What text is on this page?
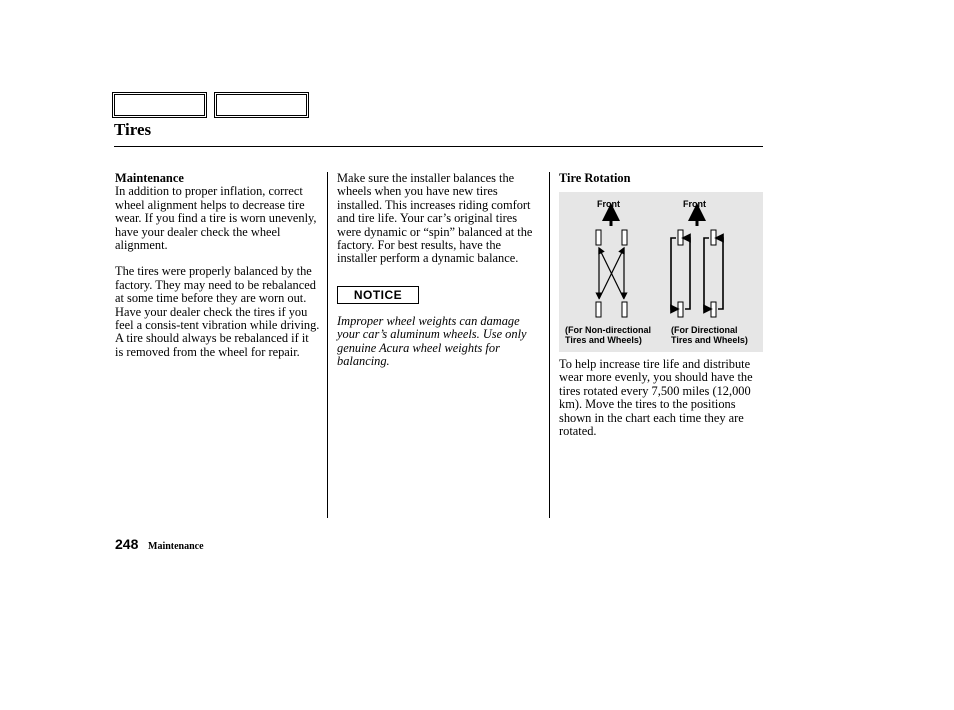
Tires

Maintenance

In addition to proper inflation, correct wheel alignment helps to decrease tire wear. If you find a tire is worn unevenly, have your dealer check the wheel alignment.

The tires were properly balanced by the factory. They may need to be rebalanced at some time before they are worn out. Have your dealer check the tires if you feel a consis-tent vibration while driving. A tire should always be rebalanced if it is removed from the wheel for repair.

Make sure the installer balances the wheels when you have new tires installed. This increases riding comfort and tire life. Your car’s original tires were dynamic or “spin” balanced at the factory. For best results, have the installer perform a dynamic balance.

NOTICE

Improper wheel weights can damage your car’s aluminum wheels. Use only genuine Acura wheel weights for balancing.

Tire Rotation

Front	Front
(For Non-directional
Tires and Wheels)
(For Directional
Tires and Wheels)

To help increase tire life and distribute wear more evenly, you should have the tires rotated every 7,500 miles (12,000 km). Move the tires to the positions shown in the chart each time they are rotated.

248 Maintenance
